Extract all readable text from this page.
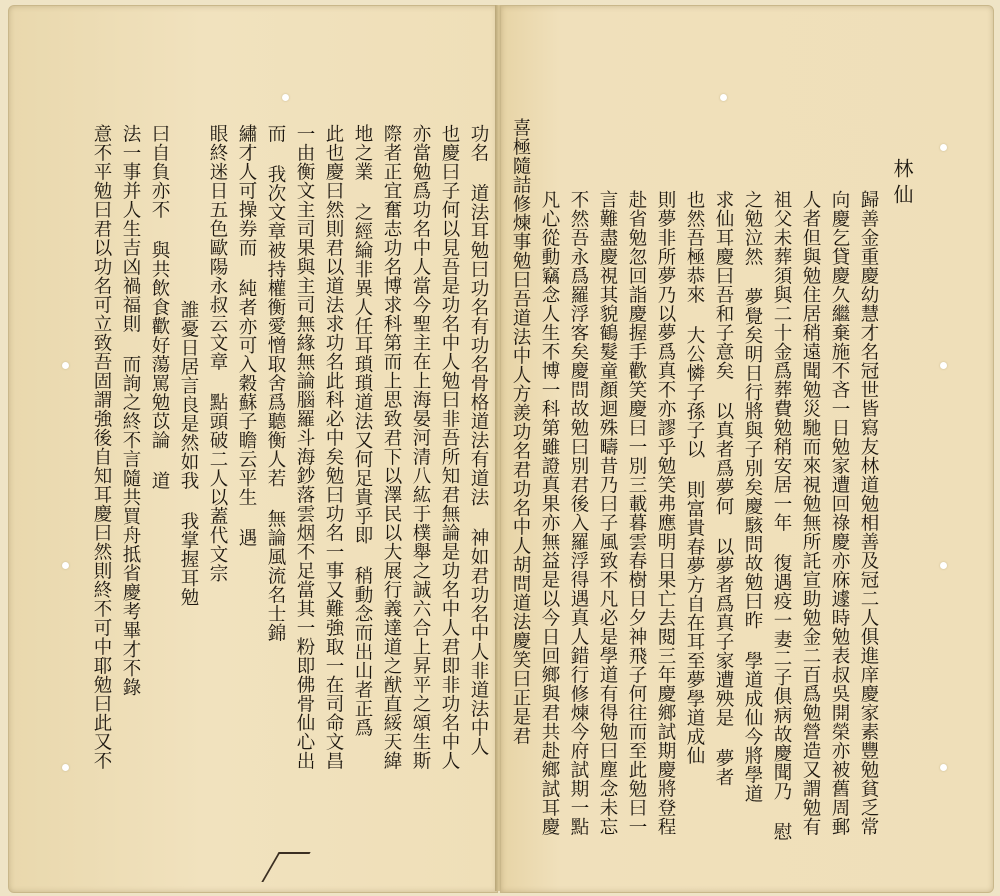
林仙
歸善金重慶幼慧才名冠世皆寫友林道勉相善及冠二人俱進庠慶家素豐勉貧乏常
向慶乞貸慶久繼棄施不吝一日勉家遭回祿慶亦庥遽時勉表叔吳開榮亦被舊周郵
人者但與勉住居稍遠聞勉災馳而來視勉無所託宣助勉金二百爲勉營造又謂勉有
祖父未葬須與二十金爲葬費勉稍安居一年 復遇疫一妻二子俱病故慶聞乃 慰
之勉泣然 夢覺矣明日行將與子別矣慶駭問故勉曰昨 學道成仙今將學道
求仙耳慶曰吾和子意矣 以真者爲夢何 以夢者爲真子家遭殃是 夢者
也然吾極恭來 大公憐子孫子以 則富貴春夢方自在耳至夢學道成仙
則夢非所夢乃以夢爲真不亦謬乎勉笑弗應明日果亡去閱三年慶鄉試期慶將登程
赴省勉忽回詣慶握手歡笑慶曰一別三載暮雲春樹日夕神飛子何往而至此勉曰一
言難盡慶視其貌鶴髮童顏迴殊疇昔乃曰子風致不凡必是學道有得勉曰塵念未忘
不然吾永爲羅浮客矣慶問故勉曰別君後入羅浮得遇真人錯行修煉今府試期一點
凡心從動竊念人生不博一科第雖證真果亦無益是以今日回鄉與君共赴鄉試耳慶
喜極隨詰修煉事勉曰吾道法中人方羨功名君功名中人胡問道法慶笑曰正是君
功名 道法耳勉曰功名有功名骨格道法有道法 神如君功名中人非道法中人
也慶曰子何以見吾是功名中人勉曰非吾所知君無論是功名中人君即非功名中人
亦當勉爲功名中人當今聖主在上海晏河清八紘于樸舉之誠六合上昇平之頌生斯
際者正宜奮志功名博求科第而上思致君下以澤民以大展行義達道之猷直綏天緯
地之業 之經綸非異人任耳瑣瑣道法又何足貴乎即 稍動念而出山者正爲
此也慶曰然則君以道法求功名此科必中矣勉曰功名一事又難強取一在司命文昌
一由衡文主司果與主司無緣無論腦羅斗海鈔落雲烟不足當其一粉即佛骨仙心出
而 我次文章被持權衡愛憎取舍爲聽衡人若 無論風流名士錦
繡才人可操券而 純者亦可入穀蘇子瞻云平生 遇
眼終迷日五色歐陽永叔云文章 點頭破二人以蓋代文宗
誰憂日居言良是然如我 我掌握耳勉
曰自負亦不 與共飲食歡好蕩罵勉苡論 道
法一事并人生吉凶禍福則 而詢之終不言隨共買舟抵省慶考畢才不錄
意不平勉曰君以功名可立致吾固謂強後自知耳慶曰然則終不可中耶勉曰此又不
